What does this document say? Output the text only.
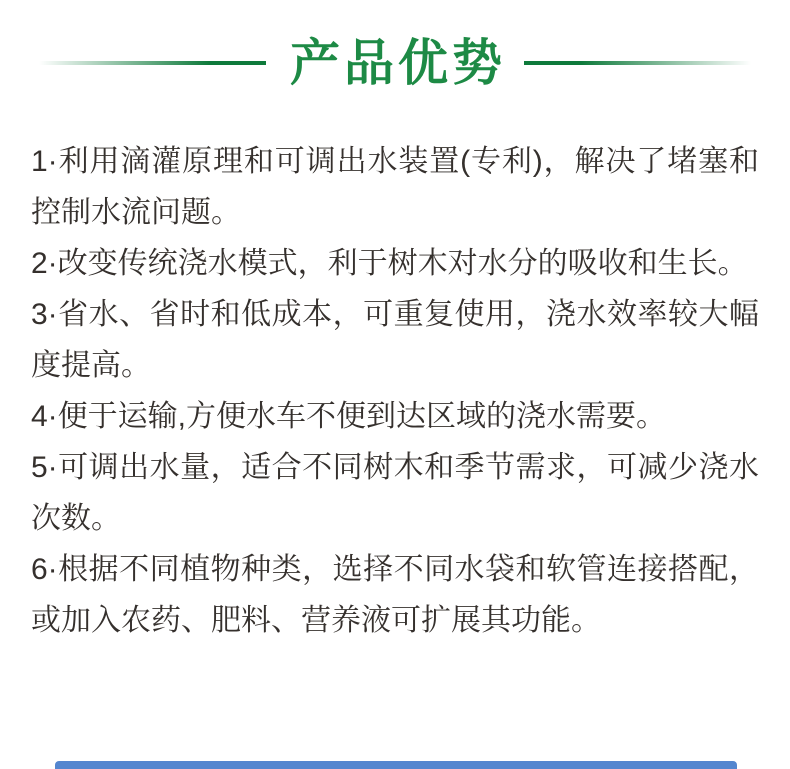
产品优势
1·利用滴灌原理和可调出水装置(专利)，解决了堵塞和控制水流问题。
2·改变传统浇水模式，利于树木对水分的吸收和生长。
3·省水、省时和低成本，可重复使用，浇水效率较大幅度提高。
4·便于运输,方便水车不便到达区域的浇水需要。
5·可调出水量，适合不同树木和季节需求，可减少浇水次数。
6·根据不同植物种类，选择不同水袋和软管连接搭配，或加入农药、肥料、营养液可扩展其功能。
